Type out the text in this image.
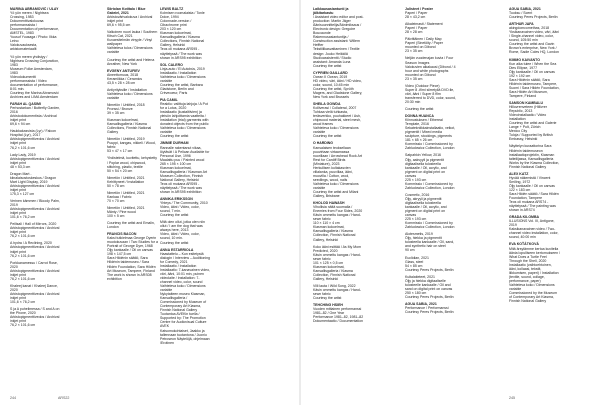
MARINA ABRAMOVIĆ / ULAY

Yö yön meren / Nightsea Crossing, 1983
Dokumenttivalokuvaa performanssista / Documentation of performance, AMSTEL, 1983
Yuusuf Yuusaga / Photo: Ilkka Leino
Valokuvauksesta, arkistomateriaalit

Yö yön meren yhdistyy / Nightsea Crossing Conjunction, 1983
Museum Folke Amsterdam, 1983
Videodokumentti performanssista / Video documentation of performance, 8:01 min.
Courtesy the Marina Abramović Archives and LIMA Amsterdam

FARAH AL QASIMI

Perhostarkan / Butterfly Garden, 2016
Arkistodokumentista / Archival inkjet print
69,6 × 94 cm

Haukkakasvista (Lyr) / Falcon Hospital (Lyr), 2017
Arkistopigmenttivedos / Archival inkjet print
76,2 × 101,6 cm

Lady Lady, 2019
Arkistopigmenttivedos / Archival inkjet print
48 × 53,3 cm

Dragon Mart -kiinalaisostoskeskus / Dragon Mart Light Display, 2019
Arkistopigmenttivedos / Archival inkjet print
175,3 × 127 cm

Verinen kämmen / Bloody Palm, 2019
Arkistopigmenttivedos / Archival inkjet print
101,6 × 76,2 cm

Peilisali / Hall of Mirrors, 2020
Arkistopigmenttivedos / Archival inkjet print
76,2 × 101,6 cm

A hydra / A Reclining, 2020
Arkistopigmenttivedos / Archival inkjet print
76,2 × 101,6 cm

Porkkanamessu / Carrot Rose, 2020
Arkistopigmenttivedos / Archival inkjet print
76,2 × 101,6 cm

Khaleej kanat / Khaleej Dance, 2020
Arkistopigmenttivedos / Archival inkjet print
101,6 × 76,2 cm

S ja A puhelimessa / S and A on the Phone, 2020
Arkistopigmenttivedos / Archival inkjet print
76,2 × 101,6 cm

Siirtolan Kotitalo / Blue Gabriel, 2021

Arkistovärivalokuva / Archival inkjet print
69,6 × 95,5 cm

Valkoinen nuori lauka / Southern Kitsch Cat, 2021
Kuvaesitelmän vinyyle / Vinyl wallpaper
Vaihteleva tulos / Dimensions variable

Courtesy the artist and Helena Anrather, New York

EVGENY ANTUFIEV

Aineettomuus, 2018
Keramiikka / Ceramics
43,5 × 28 × 28 cm

Antiyrityksille / Installation
Vaihteleva koko / Dimensions variable

Nimetön / Untitled, 2018
Pronssi / Bronze
39 × 35 cm

Kiasman kokoelmat, Kansallisgalleria / Kiasma Collections, Finnish National Gallery

Nimetön / Untitled, 2019
Puuppi, kangas, nikkeli / Wood, fabric
53 × 47 × 17 cm

Yhdistelmä, kuvitettu, kehystetty / Poplar wood, chipwood, stitching, plastic, textile
50 × 54 × 20 cm

Nimetön / Untitled, 2021
Kehittyneet / Installation
50 × 78 cm

Nimetön / Untitled, 2021
Kankaa / Fabric
70 × 70 cm

Nimetön / Untitled, 2021
Mänty / Pine wood
100 × 5 cm

Courtesy the artist and Emalin, London

FRANCIS BACON

Kaksi tutkielmaa George Dyerin muotokuvaan / Two Studies for a Portrait of George Dyer, 1968
Öljy kankaalle / Oil on canvas
198 × 147,5 cm
Sara Hildénin säätiö, Sara Hildénin taidemuseo / Sara Hildén Foundation, Sara Hildén Art Museum, Tampere, Finland
The work is shown in ARS08 exhibition

LEWIS BALTZ

Kolmisen roomalaista / Tonle Dolce, 1994
Colonnade-version / Cibachrome print
203 × 120 cm
Kiasman kokoelmat, Kansallisgalleria / Kiasma Collections, Finnish National Gallery, Helsinki
Teos oli mukana ARS95 -näyttelyssä / The work was shown in ARS95 exhibition

SOL CALERO

Linja-auto / El Autobús, 2019
Installaatio / Installation
Vaihteleva koko / Dimensions variable
Courtesy the artist, Barbara Gladstone, Berlin and Crèvecœur, Paris

PIA CAMIL

Reaktio: valittuja lahjoja / A Pot for a Lotus, 2020
Installaatio (kustaltiivien) ja yleisön lahjoittamia vaatteita / Installation (trial) garments with donated objects from the public
Vaihteleva koko / Dimensions variable
Courtesy the artist

JIMMIE DURHAM

Rannalle rakentanut vikaa, löytävät / A Pelican Available for Personal Use, 1996
Maalattu puu / Painted wood
265 × 195 × 100 cm
Kiasman kokoelmat, Kansallisgalleria / Kiasman Art Museum Collection, Finnish National Gallery, Helsinki
Teos oli mukana ARS95 -näyttelyssä / The work was shown in ARS95 exhibition

ANNIKA ERIKSSON

Yhteys / The Community, 2010
Video, ääni / Video, color, sound, 7 min.
Courtesy the artist

Mitä olen ollut, jotka olen niin ollut / I am the dog that was always here, 2013
Video, ääni / Video, color, sound, 10 min.
Courtesy the artist

ANNA ESTARRIOLA

Haastattelu – Kun esitetystä dialogin / Interview – Auditioning for Comedy, 2021
Installaatio / Installation
Installaatio: 7-kanavainen video, väri, ääni, 10:01 min, puinen videolaite / Installation: 7-channel video, color, sound
Vaihteleva koko / Dimensions variable
Nykytaiteen museo Kiasman, Kansallisgalleria / Commissioned by Museum of Contemporary Art Kiasma, Finnish National Gallery
Tuotantoa AVEKin tuella / Supported by: The Promotion Centre for Audiovisual Culture AVEK
Katsomokohtaiset, Jaakko ja tallennaan tuotantona / Juonio Petroseon Näytelöjä, ohjelmaan /Erotinen

Laikkausasiantunti ja jälkitarkastu

/ Assistant video editor and post-production: Martin Jäger
Äänisuunnittelija/Äänimiksaus / Electronic design: Gregoire Boucaunde
Rakennusasiantuntija / Construction assistant: Willem Heffter
Tekstiilikasvattaminen / Textile design: Jouko Heikkilä
Studioassistentti / Studio assistant: Amanda Luna
Courtesy the artist

CYPRIEN GAILLARD

Ocean II Ocean, 2019
HD video, väri, ääni / HD video, color, sound, 10:45 min
Courtesy the artist, Sprüth Magers, and Gladstone Gallery, New York and Brussels

SHEILA GOWDA

Kolliverasi / Collateral, 2007
Tuhkaa vielä tuhkasta, teräsverkko, puuhakkeet / Ash, chipwood material, steel mesh, wood frames
Vaihteleva koko / Dimensions variable
Courtesy the artist

O HARDING

Kansalaisen teoksellaan puuvirtaan virtaamassa nuorillaan / Arrowhead Rock Art Rest for Cardiff Birds (Miniature), 2023
Herkullisen kultakasvien villalanka, puuvillaa, ääni, muovilla / Cotton, wool, seedlings, wood, nails
Vaihteleva koko / Dimensions variable
Courtesy the artist and Milani Gallery, Brisbane

KHOLOD HAWASH

Vihollisia näitä suomalla / Enemies from Four Sides, 2020
Käsin ommeltu kangas / Hand-sewn fabric
110 × 110 × 4 cm
Kiasman kokoelmat, Kansallisgalleria / Kiasma Collection, Finnish National Gallery, Helsinki

Koko ääni esittää / As My Mom Predicted, 2020
Käsin ommeltu kangas / Hand-sewn fabric
101 × 125 × 0,5 cm
Kiasman kokoelmat, Kansallisgalleria / Kiasma Collection, Finnish National Gallery, Helsinki

Villi lauta / Wild Song, 2022
Käsin ommeltu kangas / Hand-sewn fabric
Courtesy the artist

TEHCHING HSIEH

Vuoden mittainen performanssi 1981–82 / One Year Performance 1981–82, 1981–82
Dokumentaatio / Documentation

Julisteet / Poster

Paperi / Paper
28 × 43,2 cm

Aikaleimasti / Statement
Paperi / Paper
28 × 28 cm

Päivittäinen / Daily Map
Paperi (Sinetöity / Paper mounted on Dibond
23 × 35 cm

Neljän vuodenajan kuvia / Four Season Images
Valokuvien aikakausi (Dibond / 4 hour and white photographs mounted on Dibond
23 × 35 cm

Video (Outdoor Piece)
Super 8 -filmi siirretyllä DVD:lle, väri, ääni / Super 8 film transferred to DVD, color, sound, 20:30 min

Courtesy the artist

DONNA HUANCA

Kiinnustuksen / Ethereal Template, 2016
Sekatekniikkainstallaatio, veikot, pigmentit / Mixed media sculpture, stockings, pigments
181 × 65 × 26 cm
Kommissio / Commissioned by Zabludowicz Collection, London

Satpahkin Yellow, 2016
Öljy, aakvyyli ja pigmentit digitaalisella tulosteella kankaalle / Oil, acrylic, and pigment on digital print on canvas
225 × 193 cm
Kommissio / Commissioned by Zabludowicz Collection, London

Cosmetic, 2016
Öljy, akryyli ja pigmentit digitaalisella tulosteella kankaalle / Oil, acrylic, and pigment on digital print on canvas
225 × 193 cm
Kommissio / Commissioned by Zabludowicz Collection, London

Alotesmetis, 2019
Öljy, hiekka ja pigmentit tulosteella kankaalle / Oil, sand, and synthetic hair on steel
90 cm

Euclidian, 2021
Glass, steel
54 × 85 cm
Courtesy Peres Projects, Berlin

Kultalatieteet, 2021
Öljy ja hiekka digitaaliselle tulosteelle kankaalle / Oil and sand on digital print on canvas
250 × 180 cm
Courtesy Peres Projects, Berlin

AGUA SABIA, 2021

Performance / Performanssi
Courtesy Peres Projects, Berlin

AGUA SABIA, 2021

Tuoksu / Scent
Courtesy Peres Projects, Berlin

ARTHUR JAFA

akingdomcomethas, 2018
Yksikanavainen video, väri, ääni / Single-channel video, color, sound, 105:50 min
Courtesy the artist and Gavin Brown's enterprise, New York / Rome, Sadie Coles HQ, London

KIMMO KAIVANTO

Kun aika tulee / When the Sea Dies Ellipse, 1977
Öljy kankaalle / Oil on canvas
192 × 192 cm
Sara Hildénin säätiö, Sara Hildénin taidemuseo, Tampere, Suomi / Sara Hildén Foundation, Sara Hildén Art Museum, Tampere, Finland

SAMSON KAMBALU

Hillovrenveteen (Hiilivrer Republic, 2013
Videoinstallaatio / Video installation
Courtesy the artist and Galerie Lange + Pult, Zürich
Mexico City
Tuloja / Supported by British Embassy, Helsinki

Näyttelyn kuraattorina Sara Hildénin taidemuseon installaatioprojektin, Kiasman taiteilijassa, Kansallisgalleria
Works by the Kiasma Collection, Finnish National Gallery

ALEX KATZ

Hyvää näkemistä / Vincent Smiling, 1972
Öljy kankaalle / Oil on canvas
122 × 183 cm
Sara Hildén säätiö / Sara Hildén Foundation, Tampere
Teos oli mukana ARS74 -näyttelyssä / The painting was shown in ARS74

GRADA KILOMBA

ILLUSIONS Vol. III, Antigone, 2019
Kaksikanavainen video / Two-channel video installation, color, sound, 40:00 min

EVA KOŤÁTKOVÁ

Mitä ärsytämme kertoa kuvitella äänia lopulliseen kertomukseen / What Does a Turtle Feel Through the Shell, 2020
Installaatio (vaihtoehtoinen, ääni, kollaasi, tekstit, liikkumisen, paperi) / Installation (textile, sound, collage, performance, paper)
Vaihteleva koko / Dimensions variable
Commissioned by the Museum of Contemporary Art Kiasma, Finnish National Gallery

244	ARS22	245
